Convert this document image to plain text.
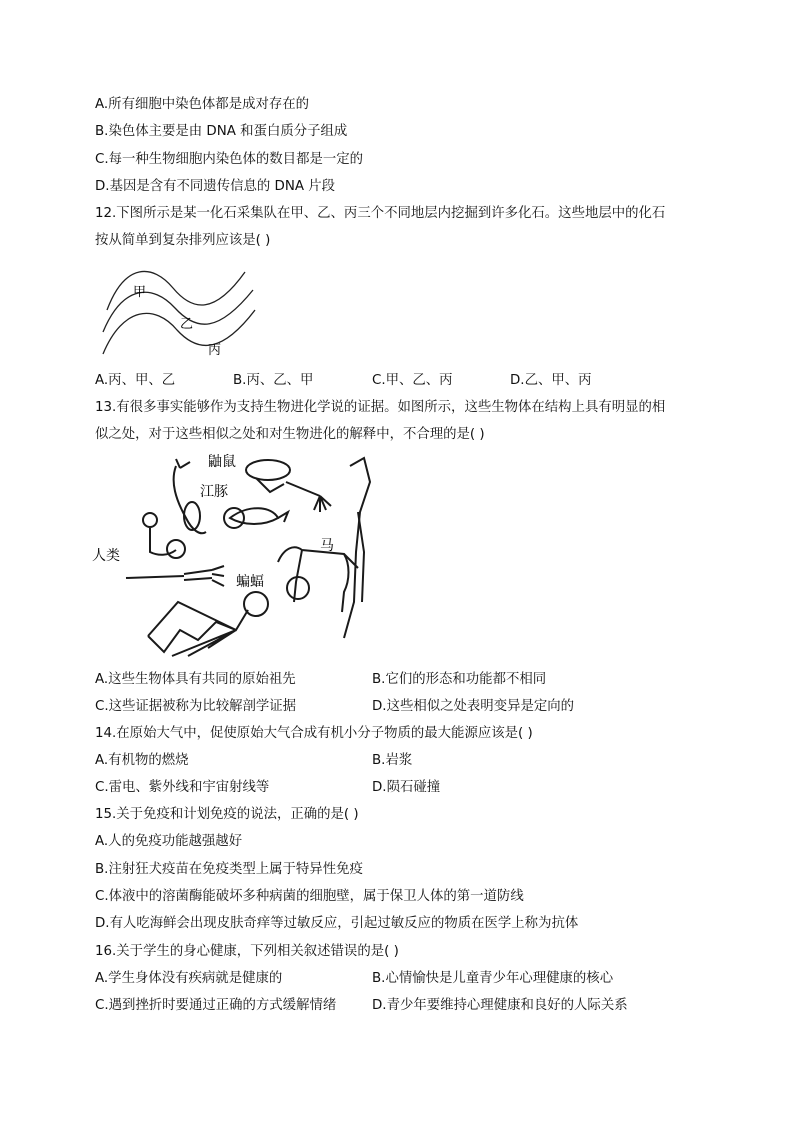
A.所有细胞中染色体都是成对存在的
B.染色体主要是由 DNA 和蛋白质分子组成
C.每一种生物细胞内染色体的数目都是一定的
D.基因是含有不同遗传信息的 DNA 片段
12.下图所示是某一化石采集队在甲、乙、丙三个不同地层内挖掘到许多化石。这些地层中的化石
按从简单到复杂排列应该是( )
甲
乙
丙
A.丙、甲、乙	B.丙、乙、甲	C.甲、乙、丙	D.乙、甲、丙
13.有很多事实能够作为支持生物进化学说的证据。如图所示，这些生物体在结构上具有明显的相
似之处，对于这些相似之处和对生物进化的解释中，不合理的是( )
鼬鼠
江豚
人类
马
蝙蝠
A.这些生物体具有共同的原始祖先	B.它们的形态和功能都不相同
C.这些证据被称为比较解剖学证据	D.这些相似之处表明变异是定向的
14.在原始大气中，促使原始大气合成有机小分子物质的最大能源应该是( )
A.有机物的燃烧	B.岩浆
C.雷电、紫外线和宇宙射线等	D.陨石碰撞
15.关于免疫和计划免疫的说法，正确的是( )
A.人的免疫功能越强越好
B.注射狂犬疫苗在免疫类型上属于特异性免疫
C.体液中的溶菌酶能破坏多种病菌的细胞壁，属于保卫人体的第一道防线
D.有人吃海鲜会出现皮肤奇痒等过敏反应，引起过敏反应的物质在医学上称为抗体
16.关于学生的身心健康，下列相关叙述错误的是( )
A.学生身体没有疾病就是健康的	B.心情愉快是儿童青少年心理健康的核心
C.遇到挫折时要通过正确的方式缓解情绪	D.青少年要维持心理健康和良好的人际关系
